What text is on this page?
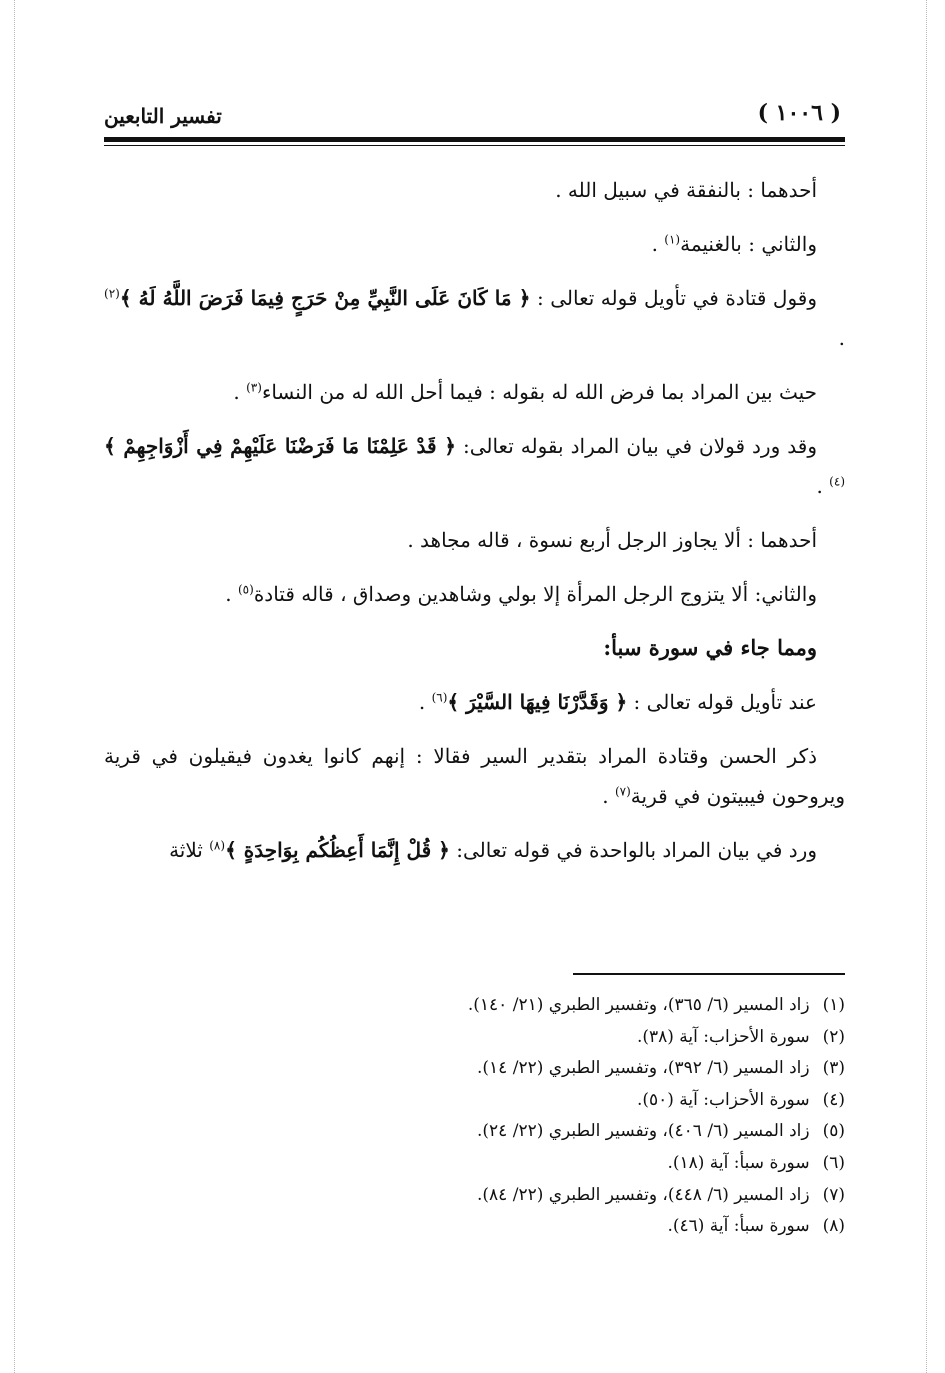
تفسير التابعين	( ١٠٠٦ )

أحدهما : بالنفقة في سبيل الله .

والثاني : بالغنيمة$^{(١)}$ .

وقول قتادة في تأويل قوله تعالى : ﴿ مَا كَانَ عَلَى النَّبِيِّ مِنْ حَرَجٍ فِيمَا فَرَضَ اللَّهُ لَهُ ﴾$^{(٢)}$ .

حيث بين المراد بما فرض الله له بقوله : فيما أحل الله له من النساء$^{(٣)}$ .

وقد ورد قولان في بيان المراد بقوله تعالى: ﴿ قَدْ عَلِمْنَا مَا فَرَضْنَا عَلَيْهِمْ فِي أَزْوَاجِهِمْ ﴾$^{(٤)}$ .

أحدهما : ألا يجاوز الرجل أربع نسوة ، قاله مجاهد .

والثاني: ألا يتزوج الرجل المرأة إلا بولي وشاهدين وصداق ، قاله قتادة$^{(٥)}$ .

ومما جاء في سورة سبأ:

عند تأويل قوله تعالى : ﴿ وَقَدَّرْنَا فِيهَا السَّيْرَ ﴾$^{(٦)}$ .

ذكر الحسن وقتادة المراد بتقدير السير فقالا : إنهم كانوا يغدون فيقيلون في قرية ويروحون فيبيتون في قرية$^{(٧)}$ .

ورد في بيان المراد بالواحدة في قوله تعالى: ﴿ قُلْ إِنَّمَا أَعِظُكُم بِوَاحِدَةٍ ﴾$^{(٨)}$ ثلاثة

(١) زاد المسير (٦/ ٣٦٥)، وتفسير الطبري (٢١/ ١٤٠).
(٢) سورة الأحزاب: آية (٣٨).
(٣) زاد المسير (٦/ ٣٩٢)، وتفسير الطبري (٢٢/ ١٤).
(٤) سورة الأحزاب: آية (٥٠).
(٥) زاد المسير (٦/ ٤٠٦)، وتفسير الطبري (٢٢/ ٢٤).
(٦) سورة سبأ: آية (١٨).
(٧) زاد المسير (٦/ ٤٤٨)، وتفسير الطبري (٢٢/ ٨٤).
(٨) سورة سبأ: آية (٤٦).
